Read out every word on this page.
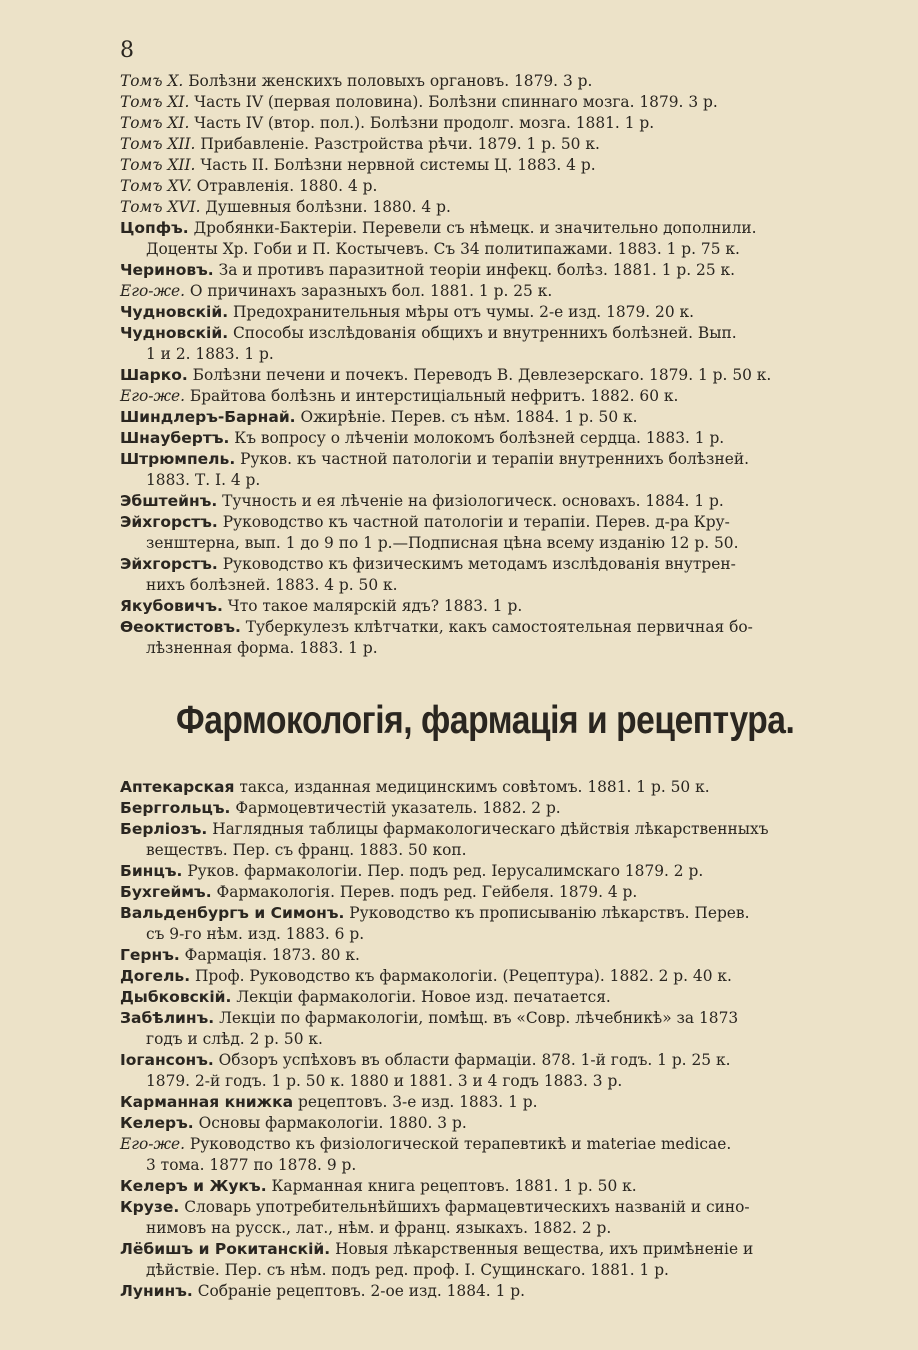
8
Томъ X. Болѣзни женскихъ половыхъ органовъ. 1879. 3 р.
Томъ XI. Часть IV (первая половина). Болѣзни спиннаго мозга. 1879. 3 р.
Томъ XI. Часть IV (втор. пол.). Болѣзни продолг. мозга. 1881. 1 р.
Томъ XII. Прибавленіе. Разстройства рѣчи. 1879. 1 р. 50 к.
Томъ XII. Часть II. Болѣзни нервной системы Ц. 1883. 4 р.
Томъ XV. Отравленія. 1880. 4 р.
Томъ XVI. Душевныя болѣзни. 1880. 4 р.
Цопфъ. Дробянки-Бактеріи. Перевели съ нѣмецк. и значительно дополнили.
Доценты Хр. Гоби и П. Костычевъ. Съ 34 политипажами. 1883. 1 р. 75 к.
Чериновъ. За и противъ паразитной теоріи инфекц. болѣз. 1881. 1 р. 25 к.
Его-же. О причинахъ заразныхъ бол. 1881. 1 р. 25 к.
Чудновскій. Предохранительныя мѣры отъ чумы. 2-е изд. 1879. 20 к.
Чудновскій. Способы изслѣдованія общихъ и внутреннихъ болѣзней. Вып.
1 и 2. 1883. 1 р.
Шарко. Болѣзни печени и почекъ. Переводъ В. Девлезерскаго. 1879. 1 р. 50 к.
Его-же. Брайтова болѣзнь и интерстиціальный нефритъ. 1882. 60 к.
Шиндлеръ-Барнай. Ожирѣніе. Перев. съ нѣм. 1884. 1 р. 50 к.
Шнаубертъ. Къ вопросу о лѣченіи молокомъ болѣзней сердца. 1883. 1 р.
Штрюмпель. Руков. къ частной патологіи и терапіи внутреннихъ болѣзней.
1883. Т. I. 4 р.
Эбштейнъ. Тучность и ея лѣченіе на физіологическ. основахъ. 1884. 1 р.
Эйхгорстъ. Руководство къ частной патологіи и терапіи. Перев. д-ра Кру-
зенштерна, вып. 1 до 9 по 1 р.—Подписная цѣна всему изданію 12 р. 50.
Эйхгорстъ. Руководство къ физическимъ методамъ изслѣдованія внутрен-
нихъ болѣзней. 1883. 4 р. 50 к.
Якубовичъ. Что такое малярскій ядъ? 1883. 1 р.
Ѳеоктистовъ. Туберкулезъ клѣтчатки, какъ самостоятельная первичная бо-
лѣзненная форма. 1883. 1 р.
Фармокологія, фармація и рецептура.
Аптекарская такса, изданная медицинскимъ совѣтомъ. 1881. 1 р. 50 к.
Берггольцъ. Фармоцевтичестій указатель. 1882. 2 р.
Берліозъ. Наглядныя таблицы фармакологическаго дѣйствія лѣкарственныхъ
веществъ. Пер. съ франц. 1883. 50 коп.
Бинцъ. Руков. фармакологіи. Пер. подъ ред. Іерусалимскаго 1879. 2 р.
Бухгеймъ. Фармакологія. Перев. подъ ред. Гейбеля. 1879. 4 р.
Вальденбургъ и Симонъ. Руководство къ прописыванію лѣкарствъ. Перев.
съ 9-го нѣм. изд. 1883. 6 р.
Гернъ. Фармація. 1873. 80 к.
Догель. Проф. Руководство къ фармакологіи. (Рецептура). 1882. 2 р. 40 к.
Дыбковскій. Лекціи фармакологіи. Новое изд. печатается.
Забѣлинъ. Лекціи по фармакологіи, помѣщ. въ «Совр. лѣчебникѣ» за 1873
годъ и слѣд. 2 р. 50 к.
Іогансонъ. Обзоръ успѣховъ въ области фармаціи. 878. 1-й годъ. 1 р. 25 к.
1879. 2-й годъ. 1 р. 50 к. 1880 и 1881. 3 и 4 годъ 1883. 3 р.
Карманная книжка рецептовъ. 3-е изд. 1883. 1 р.
Келеръ. Основы фармакологіи. 1880. 3 р.
Его-же. Руководство къ физіологической терапевтикѣ и materiae medicae.
3 тома. 1877 по 1878. 9 р.
Келеръ и Жукъ. Карманная книга рецептовъ. 1881. 1 р. 50 к.
Крузе. Словарь употребительнѣйшихъ фармацевтическихъ названій и сино-
нимовъ на русск., лат., нѣм. и франц. языкахъ. 1882. 2 р.
Лёбишъ и Рокитанскій. Новыя лѣкарственныя вещества, ихъ примѣненіе и
дѣйствіе. Пер. съ нѣм. подъ ред. проф. І. Сущинскаго. 1881. 1 р.
Лунинъ. Собраніе рецептовъ. 2-ое изд. 1884. 1 р.
